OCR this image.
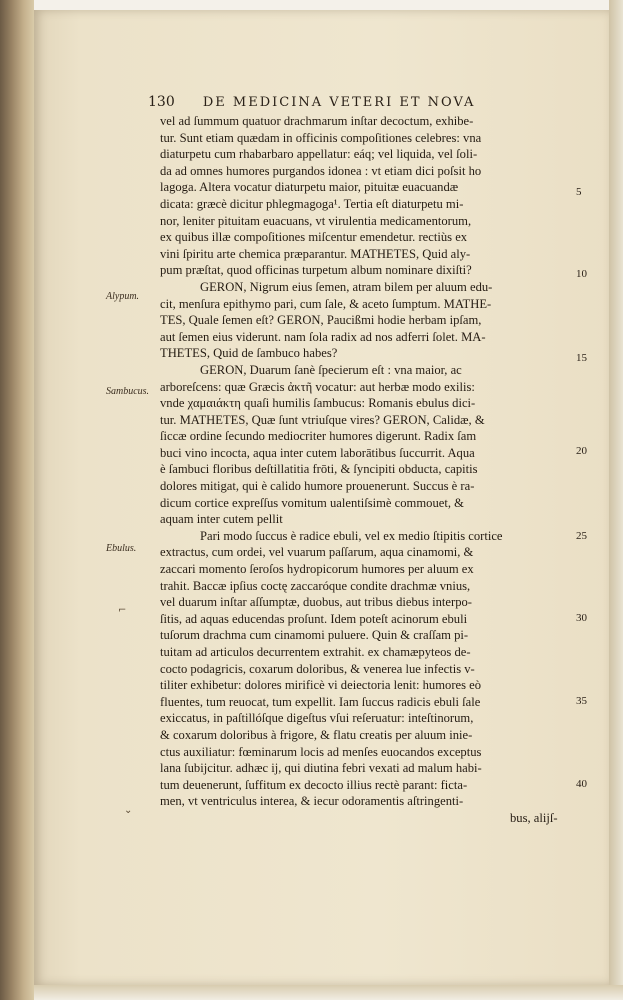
130 DE MEDICINA VETERI ET NOVA
vel ad ſummum quatuor drachmarum inſtar decoctum, exhibe-
tur. Sunt etiam quædam in officinis compoſitiones celebres: vna
diaturpetu cum rhabarbaro appellatur: eáq; vel liquida, vel ſoli-
da ad omnes humores purgandos idonea : vt etiam dici poſsit ho
lagoga. Altera vocatur diaturpetu maior, pituitæ euacuandæ
dicata: græcè dicitur phlegmagoga¹. Tertia eſt diaturpetu mi-
nor, leniter pituitam euacuans, vt virulentia medicamentorum,
ex quibus illæ compoſitiones miſcentur emendetur. rectiùs ex
vini ſpiritu arte chemica præparantur. MATHETES, Quid aly-
pum præſtat, quod officinas turpetum album nominare dixiſti?
GERON, Nigrum eius ſemen, atram bilem per aluum edu-
cit, menſura epithymo pari, cum ſale, & aceto ſumptum. MATHE-
TES, Quale ſemen eſt? GERON, Paucißmi hodie herbam ipſam,
aut ſemen eius viderunt. nam ſola radix ad nos adferri ſolet. MA-
THETES, Quid de ſambuco habes?
GERON, Duarum ſanè ſpecierum eſt : vna maior, ac
arboreſcens: quæ Græcis ἀκτῆ vocatur: aut herbæ modo exilis:
vnde χαμαιάκτη quaſi humilis ſambucus: Romanis ebulus dici-
tur. MATHETES, Quæ ſunt vtriuſque vires? GERON, Calidæ, &
ſiccæ ordine ſecundo mediocriter humores digerunt. Radix ſam
buci vino incocta, aqua inter cutem laborātibus ſuccurrit. Aqua
è ſambuci floribus deſtillatitia frōti, & ſyncipiti obducta, capitis
dolores mitigat, qui è calido humore prouenerunt. Succus è ra-
dicum cortice expreſſus vomitum ualentiſsimè commouet, &
aquam inter cutem pellit
Pari modo ſuccus è radice ebuli, vel ex medio ſtipitis cortice
extractus, cum ordei, vel vuarum paſſarum, aqua cinamomi, &
zaccari momento ſeroſos hydropicorum humores per aluum ex
trahit. Baccæ ipſius coctę zaccaróque condite drachmæ vnius,
vel duarum inſtar aſſumptæ, duobus, aut tribus diebus interpo-
ſitis, ad aquas educendas proſunt. Idem poteſt acinorum ebuli
tuſorum drachma cum cinamomi puluere. Quin & craſſam pi-
tuitam ad articulos decurrentem extrahit. ex chamæpyteos de-
cocto podagricis, coxarum doloribus, & venerea lue infectis v-
tiliter exhibetur: dolores mirificè vi deiectoria lenit: humores eò
fluentes, tum reuocat, tum expellit. Iam ſuccus radicis ebuli ſale
exiccatus, in paſtillóſque digeſtus vſui reſeruatur: inteſtinorum,
& coxarum doloribus à frigore, & flatu creatis per aluum inie-
ctus auxiliatur: fœminarum locis ad menſes euocandos exceptus
lana ſubijcitur. adhæc ij, qui diutina febri vexati ad malum habi-
tum deuenerunt, ſuffitum ex decocto illius rectè parant: ficta-
men, vt ventriculus interea, & iecur odoramentis aſtringenti-
bus, alijſ-
Alypum.
Sambucus.
Ebulus.
5
10
15
20
25
30
35
40
⌐
⌄
